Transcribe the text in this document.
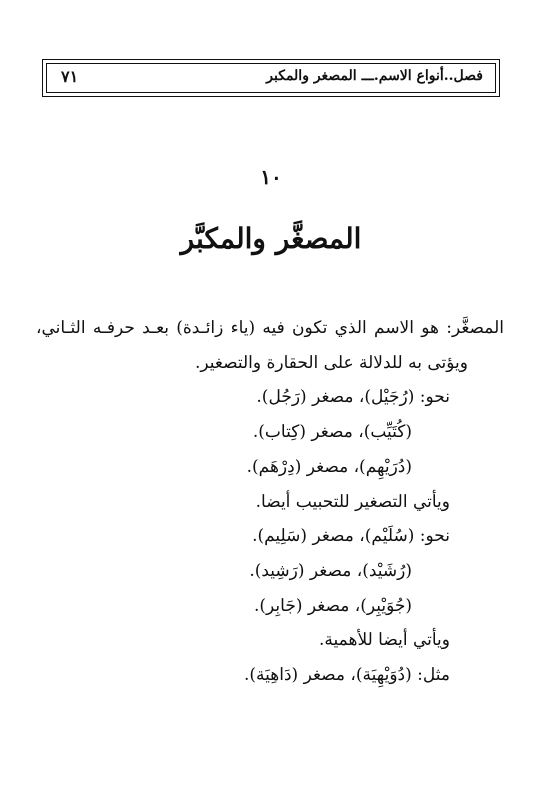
فصل..أنواع الاسم.ـــ المصغر والمكبر
٧١
١٠
المصغَّر والمكبَّر
المصغَّر: هو الاسم الذي تكون فيه (ياء زائـدة) بعـد حرفـه الثـاني،
ويؤتى به للدلالة على الحقارة والتصغير.
نحو: (رُجَيْل)، مصغر (رَجُل).
(كُتَيِّب)، مصغر (كِتاب).
(دُرَيْهِم)، مصغر (دِرْهَم).
ويأتي التصغير للتحبيب أيضا.
نحو: (سُلَيْم)، مصغر (سَلِيم).
(رُشَيْد)، مصغر (رَشِيد).
(جُوَيْبِر)، مصغر (جَابِر).
ويأتي أيضا للأهمية.
مثل: (دُوَيْهِيَة)، مصغر (دَاهِيَة).
